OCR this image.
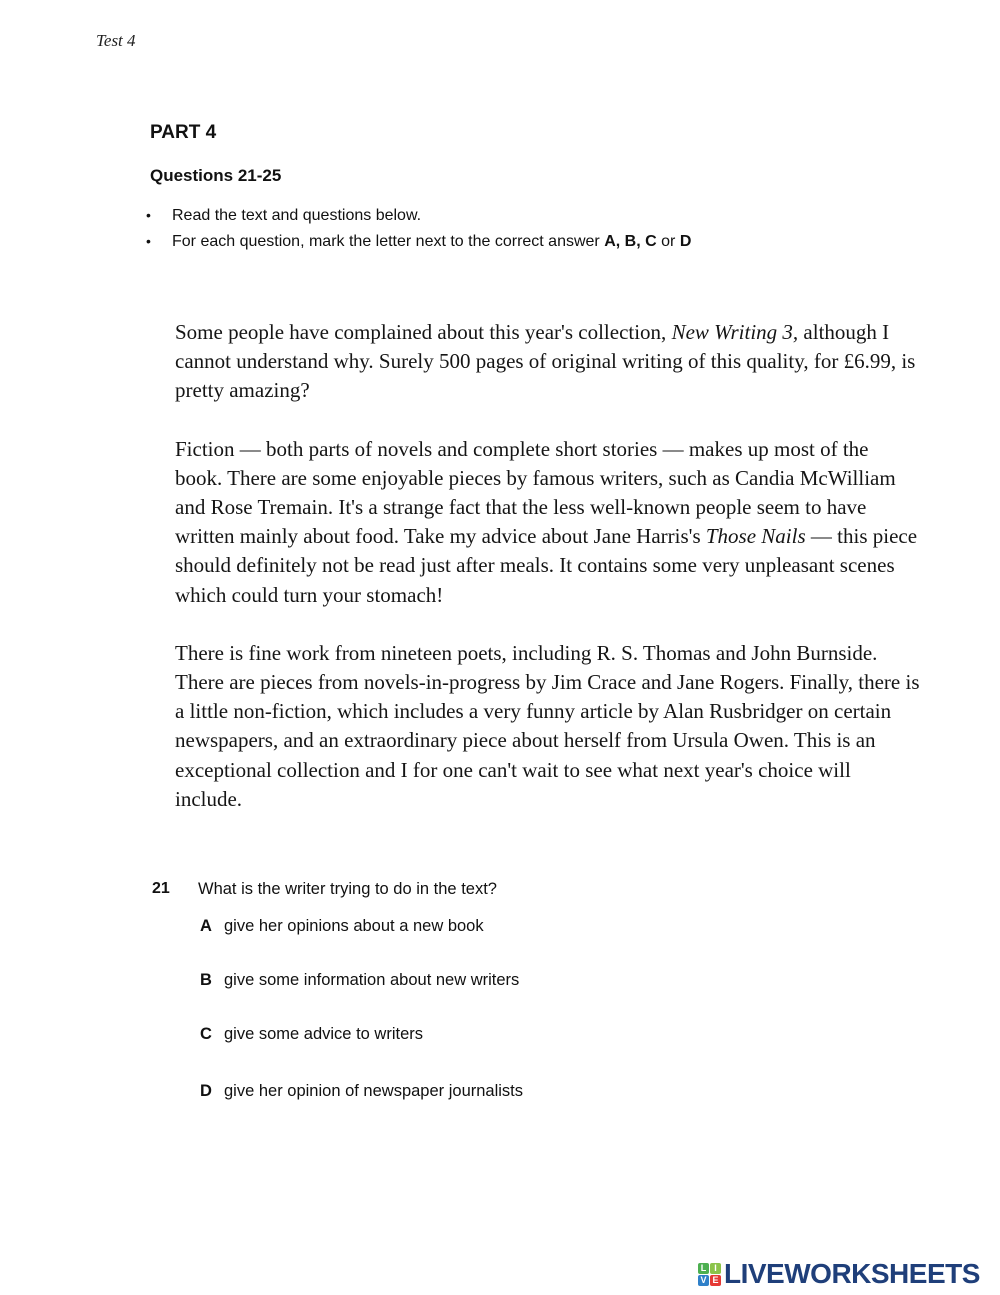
Test 4
PART 4
Questions 21-25
•	Read the text and questions below.
•	For each question, mark the letter next to the correct answer
A,
B,
C
or
D

Some people have complained about this year's collection, New Writing 3, although I cannot understand why. Surely 500 pages of original writing of this quality, for £6.99, is pretty amazing?

Fiction — both parts of novels and complete short stories — makes up most of the book. There are some enjoyable pieces by famous writers, such as Candia McWilliam and Rose Tremain. It's a strange fact that the less well-known people seem to have written mainly about food. Take my advice about Jane Harris's Those Nails — this piece should definitely not be read just after meals. It contains some very unpleasant scenes which could turn your stomach!

There is fine work from nineteen poets, including R. S. Thomas and John Burnside. There are pieces from novels-in-progress by Jim Crace and Jane Rogers. Finally, there is a little non-fiction, which includes a very funny article by Alan Rusbridger on certain newspapers, and an extraordinary piece about herself from Ursula Owen. This is an exceptional collection and I for one can't wait to see what next year's choice will include.

21	What is the writer trying to do in the text?
A give her opinions about a new book
B give some information about new writers
C give some advice to writers
D give her opinion of newspaper journalists
L I
V E LIVEWORKSHEETS
